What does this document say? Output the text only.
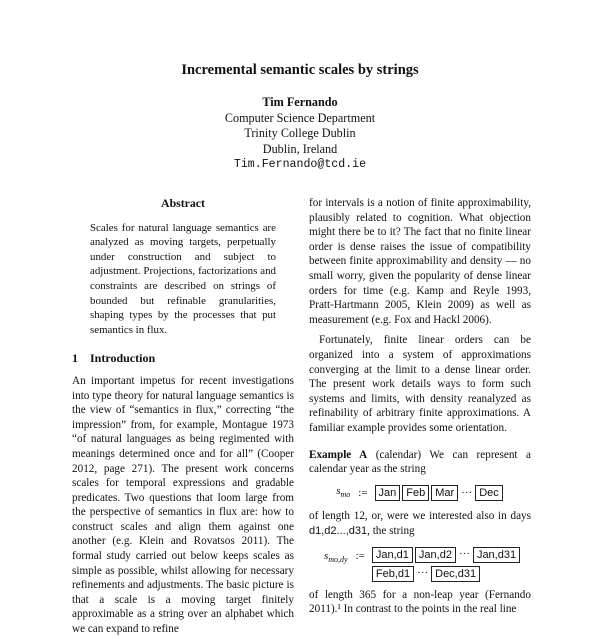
Incremental semantic scales by strings
Tim Fernando
Computer Science Department
Trinity College Dublin
Dublin, Ireland
Tim.Fernando@tcd.ie
Abstract

Scales for natural language semantics are analyzed as moving targets, perpetually under construction and subject to adjustment. Projections, factorizations and constraints are described on strings of bounded but refinable granularities, shaping types by the processes that put semantics in flux.

1 Introduction

An important impetus for recent investigations into type theory for natural language semantics is the view of “semantics in flux,” correcting “the impression” from, for example, Montague 1973 “of natural languages as being regimented with meanings determined once and for all” (Cooper 2012, page 271). The present work concerns scales for temporal expressions and gradable predicates. Two questions that loom large from the perspective of semantics in flux are: how to construct scales and align them against one another (e.g. Klein and Rovatsos 2011). The formal study carried out below keeps scales as simple as possible, whilst allowing for necessary refinements and adjustments. The basic picture is that a scale is a moving target finitely approximable as a string over an alphabet which we can expand to refine

for intervals is a notion of finite approximability, plausibly related to cognition. What objection might there be to it? The fact that no finite linear order is dense raises the issue of compatibility between finite approximability and density — no small worry, given the popularity of dense linear orders for time (e.g. Kamp and Reyle 1993, Pratt-Hartmann 2005, Klein 2009) as well as measurement (e.g. Fox and Hackl 2006).

Fortunately, finite linear orders can be organized into a system of approximations converging at the limit to a dense linear order. The present work details ways to form such systems and limits, with density reanalyzed as refinability of arbitrary finite approximations. A familiar example provides some orientation.

Example A (calendar) We can represent a calendar year as the string

$s_{mo}$ :=	Jan Feb Mar ··· Dec

of length 12, or, were we interested also in days d1,d2...,d31, the string

$s_{mo,dy}$ :=	Jan,d1 Jan,d2 ··· Jan,d31
Feb,d1 ··· Dec,d31

of length 365 for a non-leap year (Fernando 2011).¹ In contrast to the points in the real line
